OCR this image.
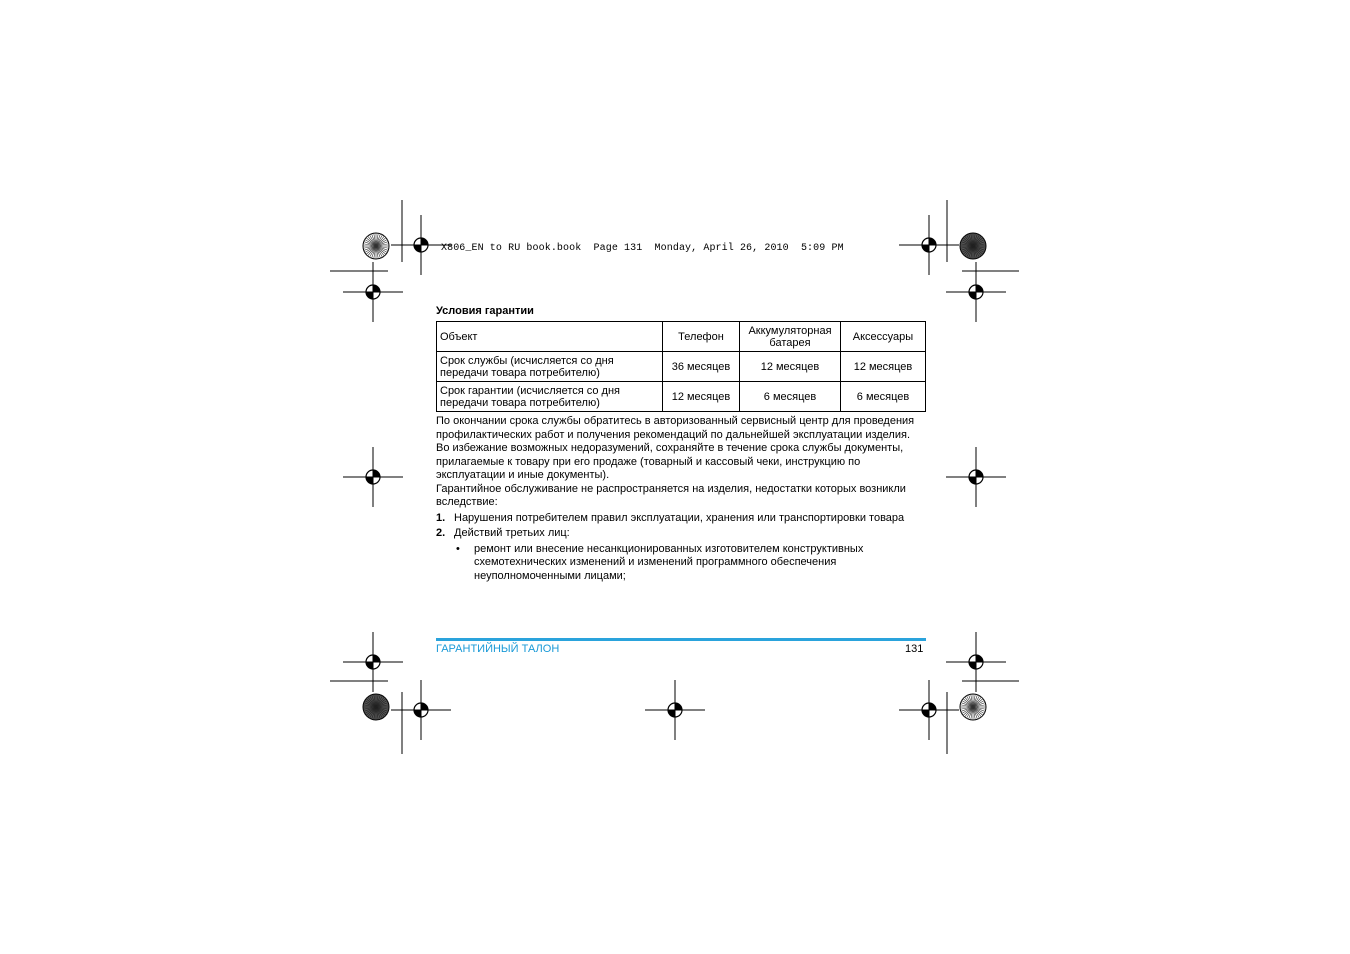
X806_EN to RU book.book  Page 131  Monday, April 26, 2010  5:09 PM
Условия гарантии
Объект	Телефон	Аккумуляторная батарея	Аксессуары
Срок службы (исчисляется со дня передачи товара потребителю)	36 месяцев	12 месяцев	12 месяцев
Срок гарантии (исчисляется со дня передачи товара потребителю)	12 месяцев	6 месяцев	6 месяцев

По окончании срока службы обратитесь в авторизованный сервисный центр для проведения профилактических работ и получения рекомендаций по дальнейшей эксплуатации изделия.

Во избежание возможных недоразумений, сохраняйте в течение срока службы документы, прилагаемые к товару при его продаже (товарный и кассовый чеки, инструкцию по эксплуатации и иные документы).

Гарантийное обслуживание не распространяется на изделия, недостатки которых возникли вследствие:

1. Нарушения потребителем правил эксплуатации, хранения или транспортировки товара
2. Действий третьих лиц:
•	ремонт или внесение несанкционированных изготовителем конструктивных схемотехнических изменений и изменений программного обеспечения неуполномоченными лицами;
ГАРАНТИЙНЫЙ ТАЛОН	131
